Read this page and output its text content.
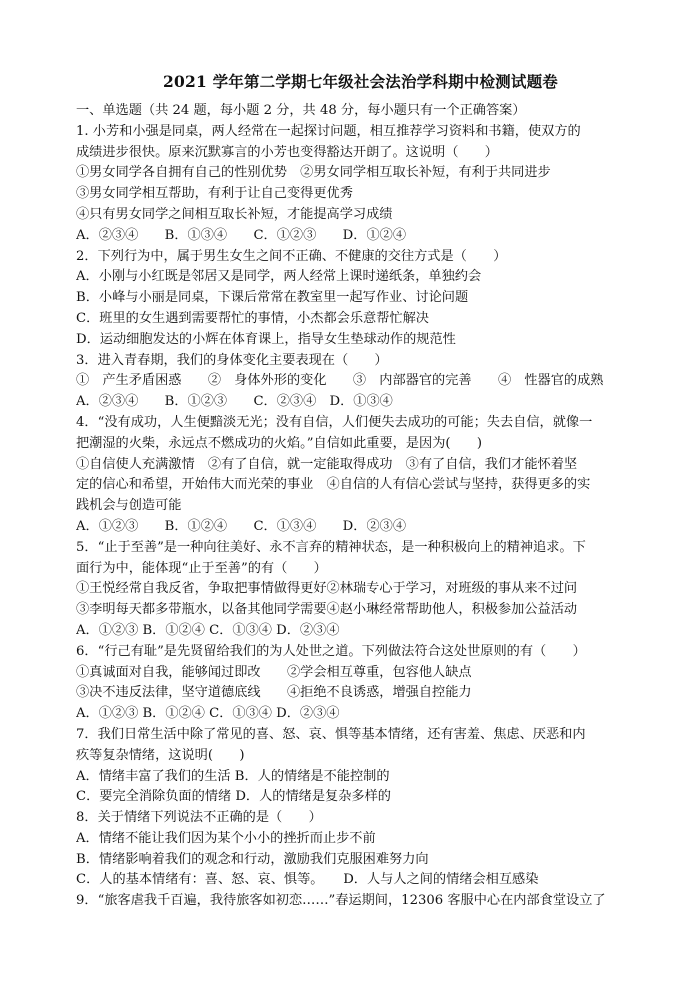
2021 学年第二学期七年级社会法治学科期中检测试题卷
一、单选题（共 24 题，每小题 2 分，共 48 分，每小题只有一个正确答案）
1. 小芳和小强是同桌，两人经常在一起探讨问题，相互推荐学习资料和书籍，使双方的
成绩进步很快。原来沉默寡言的小芳也变得豁达开朗了。这说明（　　）
①男女同学各自拥有自己的性别优势　②男女同学相互取长补短，有利于共同进步
③男女同学相互帮助，有利于让自己变得更优秀
④只有男女同学之间相互取长补短，才能提高学习成绩
A．②③④　　B．①③④　　C．①②③　　D．①②④
2．下列行为中，属于男生女生之间不正确、不健康的交往方式是（　　）
A．小刚与小红既是邻居又是同学，两人经常上课时递纸条，单独约会
B．小峰与小丽是同桌，下课后常常在教室里一起写作业、讨论问题
C．班里的女生遇到需要帮忙的事情，小杰都会乐意帮忙解决
D．运动细胞发达的小辉在体育课上，指导女生垫球动作的规范性
3．进入青春期，我们的身体变化主要表现在（　　）
①　产生矛盾困惑　　②　身体外形的变化　　③　内部器官的完善　　④　性器官的成熟
A．②③④　　B．①②③　　C．②③④　D．①③④
4．“没有成功，人生便黯淡无光；没有自信，人们便失去成功的可能；失去自信，就像一
把潮湿的火柴，永远点不燃成功的火焰。”自信如此重要，是因为(　　)
①自信使人充满激情　②有了自信，就一定能取得成功　③有了自信，我们才能怀着坚
定的信心和希望，开始伟大而光荣的事业　④自信的人有信心尝试与坚持，获得更多的实
践机会与创造可能
A．①②③　　B．①②④　　C．①③④　　D．②③④
5．“止于至善”是一种向往美好、永不言弃的精神状态，是一种积极向上的精神追求。下
面行为中，能体现“止于至善”的有（　　）
①王悦经常自我反省，争取把事情做得更好②林瑞专心于学习，对班级的事从来不过问
③李明每天都多带瓶水，以备其他同学需要④赵小琳经常帮助他人，积极参加公益活动
A．①②③ B．①②④ C．①③④ D．②③④
6．“行己有耻”是先贤留给我们的为人处世之道。下列做法符合这处世原则的有（　　）
①真诚面对自我，能够闻过即改　　②学会相互尊重，包容他人缺点
③决不违反法律，坚守道德底线　　④拒绝不良诱惑，增强自控能力
A．①②③ B．①②④ C．①③④ D．②③④
7．我们日常生活中除了常见的喜、怒、哀、惧等基本情绪，还有害羞、焦虑、厌恶和内
疚等复杂情绪，这说明(　　)
A．情绪丰富了我们的生活 B．人的情绪是不能控制的
C．要完全消除负面的情绪 D．人的情绪是复杂多样的
8．关于情绪下列说法不正确的是（　　）
A．情绪不能让我们因为某个小小的挫折而止步不前
B．情绪影响着我们的观念和行动，激励我们克服困难努力向
C．人的基本情绪有：喜、怒、哀、惧等。　　D．人与人之间的情绪会相互感染
9．“旅客虐我千百遍，我待旅客如初恋……”春运期间，12306 客服中心在内部食堂设立了
